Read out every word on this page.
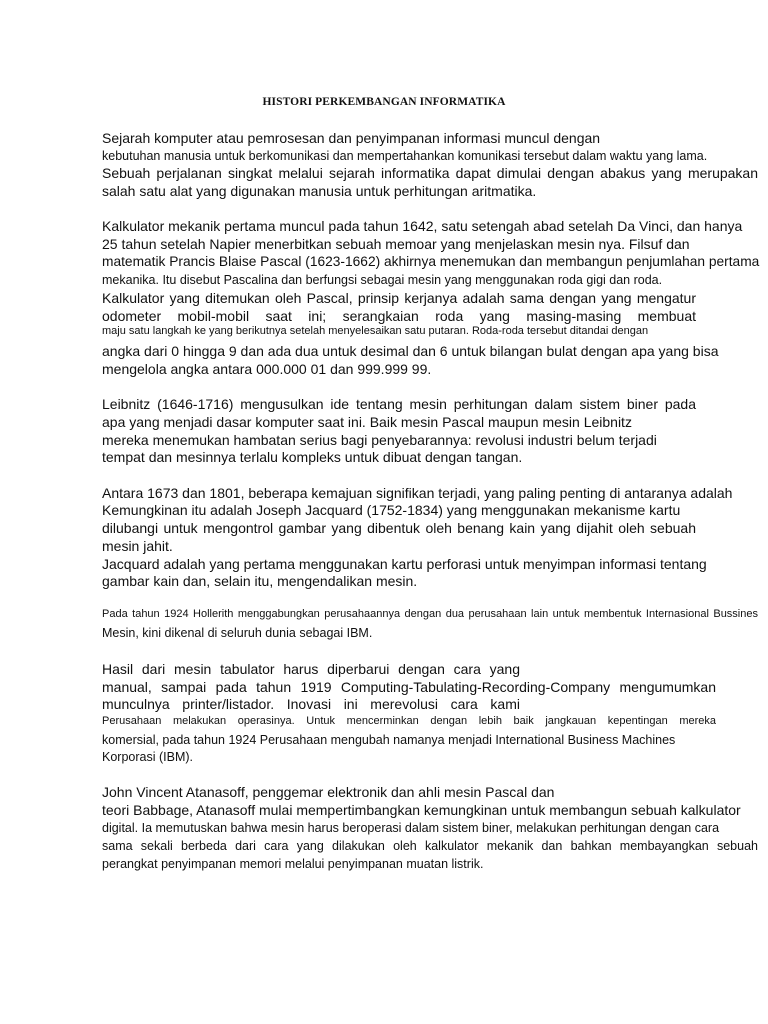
HISTORI PERKEMBANGAN INFORMATIKA
Sejarah komputer atau pemrosesan dan penyimpanan informasi muncul dengan
kebutuhan manusia untuk berkomunikasi dan mempertahankan komunikasi tersebut dalam waktu yang lama.
Sebuah perjalanan singkat melalui sejarah informatika dapat dimulai dengan abakus yang merupakan
salah satu alat yang digunakan manusia untuk perhitungan aritmatika.
Kalkulator mekanik pertama muncul pada tahun 1642, satu setengah abad setelah Da Vinci, dan hanya
25 tahun setelah Napier menerbitkan sebuah memoar yang menjelaskan mesin nya. Filsuf dan
matematik Prancis Blaise Pascal (1623-1662) akhirnya menemukan dan membangun penjumlahan pertama
mekanika. Itu disebut Pascalina dan berfungsi sebagai mesin yang menggunakan roda gigi dan roda.
Kalkulator yang ditemukan oleh Pascal, prinsip kerjanya adalah sama dengan yang mengatur
odometer mobil-mobil saat ini; serangkaian roda yang masing-masing membuat
maju satu langkah ke yang berikutnya setelah menyelesaikan satu putaran. Roda-roda tersebut ditandai dengan
angka dari 0 hingga 9 dan ada dua untuk desimal dan 6 untuk bilangan bulat dengan apa yang bisa
mengelola angka antara 000.000 01 dan 999.999 99.
Leibnitz (1646-1716) mengusulkan ide tentang mesin perhitungan dalam sistem biner pada
apa yang menjadi dasar komputer saat ini. Baik mesin Pascal maupun mesin Leibnitz
mereka menemukan hambatan serius bagi penyebarannya: revolusi industri belum terjadi
tempat dan mesinnya terlalu kompleks untuk dibuat dengan tangan.
Antara 1673 dan 1801, beberapa kemajuan signifikan terjadi, yang paling penting di antaranya adalah
Kemungkinan itu adalah Joseph Jacquard (1752-1834) yang menggunakan mekanisme kartu
dilubangi untuk mengontrol gambar yang dibentuk oleh benang kain yang dijahit oleh sebuah
mesin jahit.
Jacquard adalah yang pertama menggunakan kartu perforasi untuk menyimpan informasi tentang
gambar kain dan, selain itu, mengendalikan mesin.
Pada tahun 1924 Hollerith menggabungkan perusahaannya dengan dua perusahaan lain untuk membentuk Internasional Bussines
Mesin, kini dikenal di seluruh dunia sebagai IBM.
Hasil dari mesin tabulator harus diperbarui dengan cara yang
manual, sampai pada tahun 1919 Computing-Tabulating-Recording-Company mengumumkan
munculnya printer/listador. Inovasi ini merevolusi cara kami
Perusahaan melakukan operasinya. Untuk mencerminkan dengan lebih baik jangkauan kepentingan mereka
komersial, pada tahun 1924 Perusahaan mengubah namanya menjadi International Business Machines
Korporasi (IBM).
John Vincent Atanasoff, penggemar elektronik dan ahli mesin Pascal dan
teori Babbage, Atanasoff mulai mempertimbangkan kemungkinan untuk membangun sebuah kalkulator
digital. Ia memutuskan bahwa mesin harus beroperasi dalam sistem biner, melakukan perhitungan dengan cara
sama sekali berbeda dari cara yang dilakukan oleh kalkulator mekanik dan bahkan membayangkan sebuah
perangkat penyimpanan memori melalui penyimpanan muatan listrik.
